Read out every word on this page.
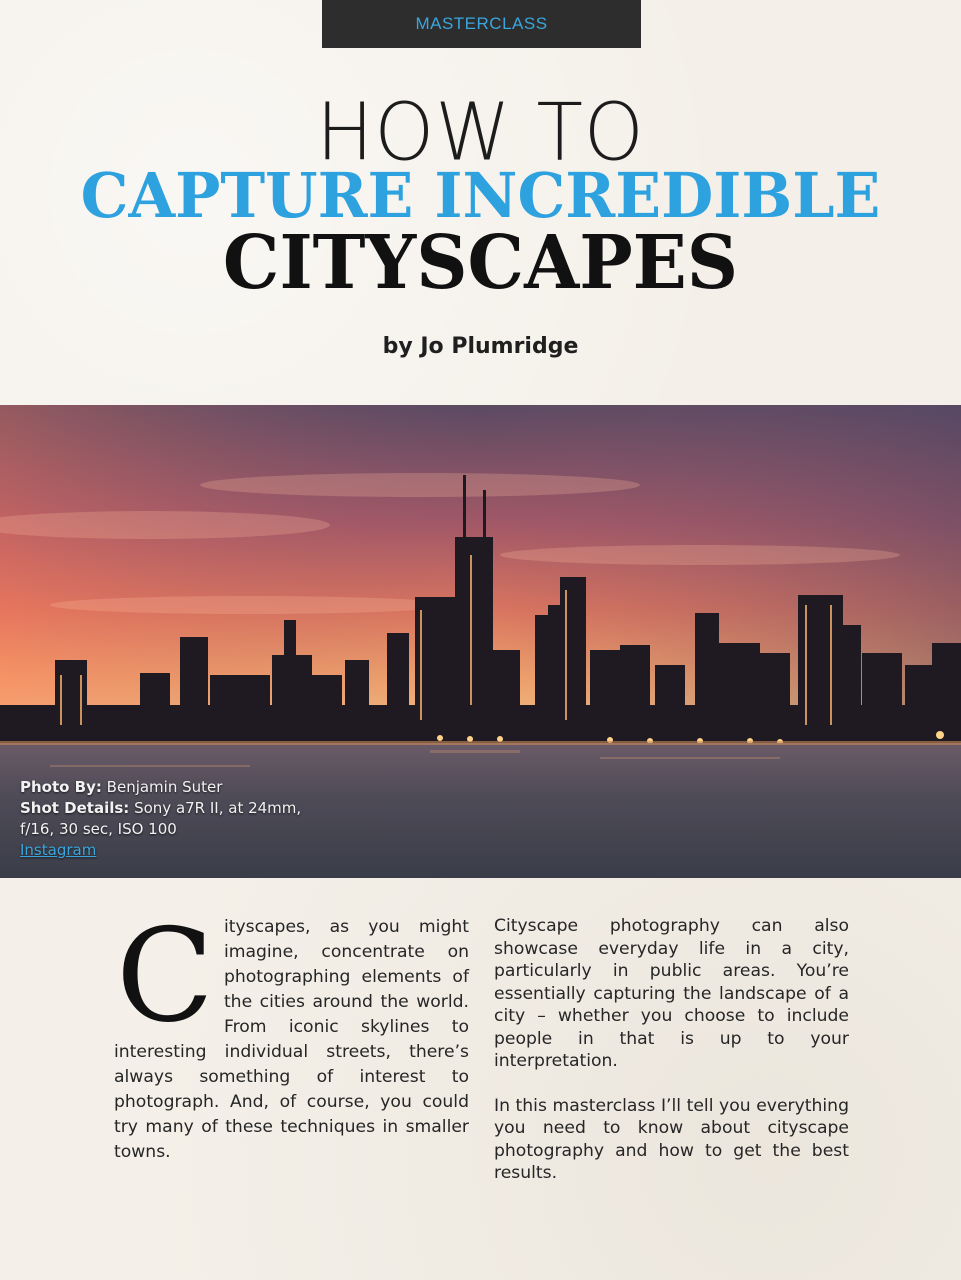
MASTERCLASS
HOW TO
CAPTURE INCREDIBLE
CITYSCAPES
by Jo Plumridge
Photo By: Benjamin Suter
Shot Details: Sony a7R II, at 24mm,
f/16, 30 sec, ISO 100
Instagram
C ityscapes, as you might imagine, concentrate on photographing elements of the cities around the world. From iconic skylines to interesting individual streets, there’s always something of interest to photograph. And, of course, you could try many of these techniques in smaller towns.

Cityscape photography can also showcase everyday life in a city, particularly in public areas. You’re essentially capturing the landscape of a city – whether you choose to include people in that is up to your interpretation.

In this masterclass I’ll tell you everything you need to know about cityscape photography and how to get the best results.
